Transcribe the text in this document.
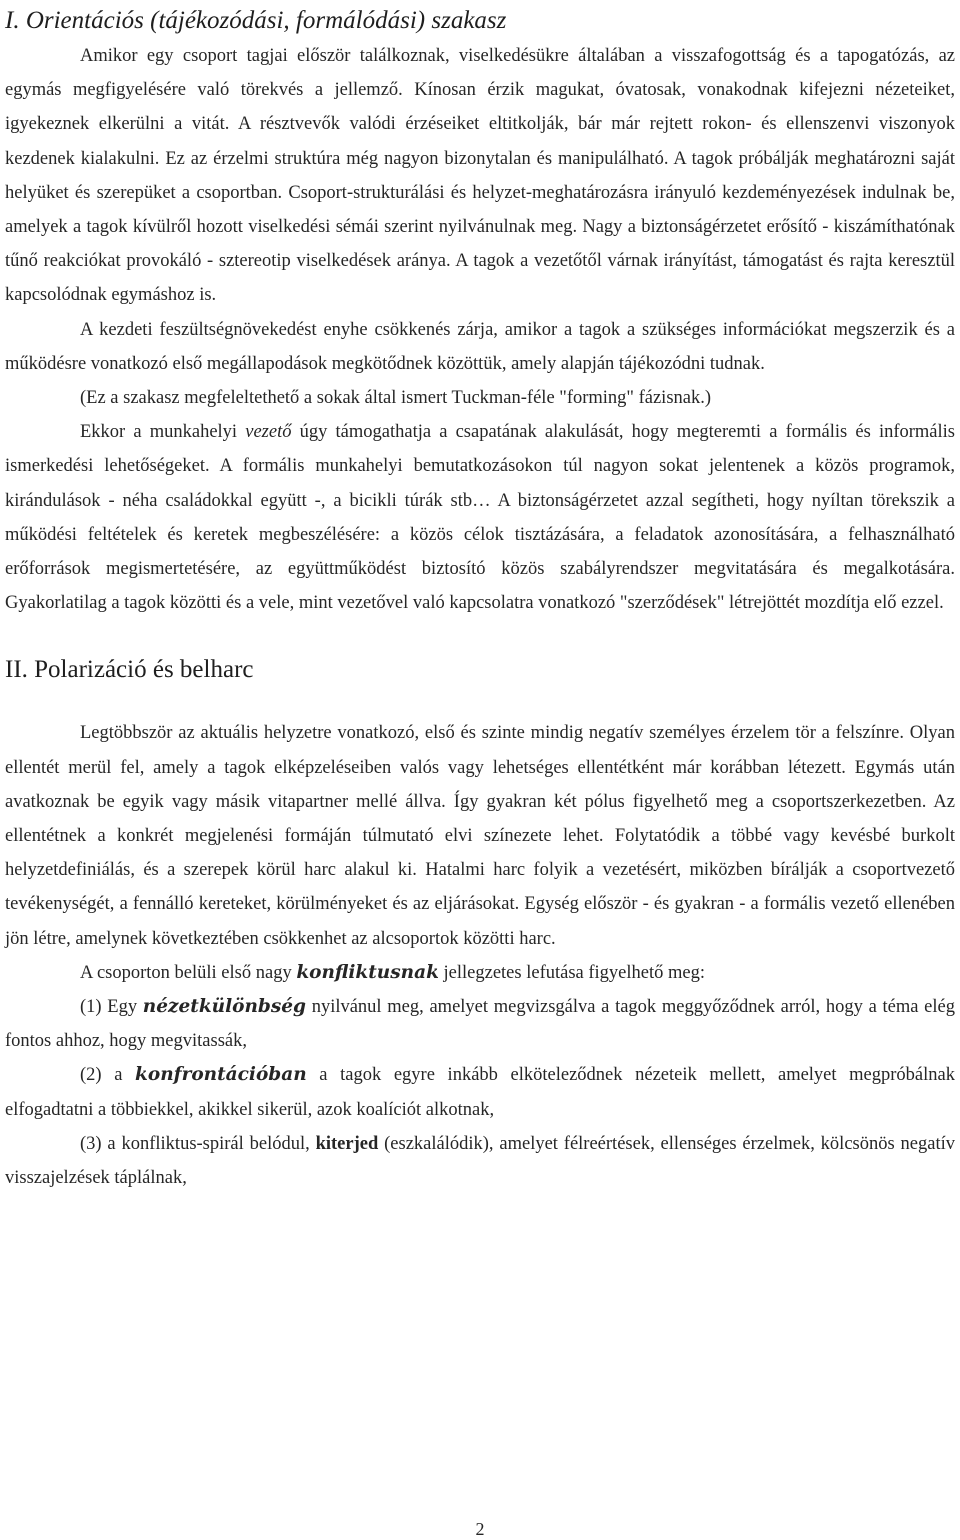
I. Orientációs (tájékozódási, formálódási) szakasz

Amikor egy csoport tagjai először találkoznak, viselkedésükre általában a visszafogottság és a tapogatózás, az egymás megfigyelésére való törekvés a jellemző. Kínosan érzik magukat, óvatosak, vonakodnak kifejezni nézeteiket, igyekeznek elkerülni a vitát. A résztvevők valódi érzéseiket eltitkolják, bár már rejtett rokon- és ellenszenvi viszonyok kezdenek kialakulni. Ez az érzelmi struktúra még nagyon bizonytalan és manipulálható. A tagok próbálják meghatározni saját helyüket és szerepüket a csoportban. Csoport-strukturálási és helyzet-meghatározásra irányuló kezdeményezések indulnak be, amelyek a tagok kívülről hozott viselkedési sémái szerint nyilvánulnak meg. Nagy a biztonságérzetet erősítő - kiszámíthatónak tűnő reakciókat provokáló - sztereotip viselkedések aránya. A tagok a vezetőtől várnak irányítást, támogatást és rajta keresztül kapcsolódnak egymáshoz is.

A kezdeti feszültségnövekedést enyhe csökkenés zárja, amikor a tagok a szükséges információkat megszerzik és a működésre vonatkozó első megállapodások megkötődnek közöttük, amely alapján tájékozódni tudnak.

(Ez a szakasz megfeleltethető a sokak által ismert Tuckman-féle "forming" fázisnak.)

Ekkor a munkahelyi vezető úgy támogathatja a csapatának alakulását, hogy megteremti a formális és informális ismerkedési lehetőségeket. A formális munkahelyi bemutatkozásokon túl nagyon sokat jelentenek a közös programok, kirándulások - néha családokkal együtt -, a bicikli túrák stb… A biztonságérzetet azzal segítheti, hogy nyíltan törekszik a működési feltételek és keretek megbeszélésére: a közös célok tisztázására, a feladatok azonosítására, a felhasználható erőforrások megismertetésére, az együttműködést biztosító közös szabályrendszer megvitatására és megalkotására. Gyakorlatilag a tagok közötti és a vele, mint vezetővel való kapcsolatra vonatkozó "szerződések" létrejöttét mozdítja elő ezzel.

II. Polarizáció és belharc

Legtöbbször az aktuális helyzetre vonatkozó, első és szinte mindig negatív személyes érzelem tör a felszínre. Olyan ellentét merül fel, amely a tagok elképzeléseiben valós vagy lehetséges ellentétként már korábban létezett. Egymás után avatkoznak be egyik vagy másik vitapartner mellé állva. Így gyakran két pólus figyelhető meg a csoportszerkezetben. Az ellentétnek a konkrét megjelenési formáján túlmutató elvi színezete lehet. Folytatódik a többé vagy kevésbé burkolt helyzetdefiniálás, és a szerepek körül harc alakul ki. Hatalmi harc folyik a vezetésért, miközben bírálják a csoportvezető tevékenységét, a fennálló kereteket, körülményeket és az eljárásokat. Egység először - és gyakran - a formális vezető ellenében jön létre, amelynek következtében csökkenhet az alcsoportok közötti harc.

A csoporton belüli első nagy konfliktusnak jellegzetes lefutása figyelhető meg:

(1) Egy nézetkülönbség nyilvánul meg, amelyet megvizsgálva a tagok meggyőződnek arról, hogy a téma elég fontos ahhoz, hogy megvitassák,

(2) a konfrontációban a tagok egyre inkább elköteleződnek nézeteik mellett, amelyet megpróbálnak elfogadtatni a többiekkel, akikkel sikerül, azok koalíciót alkotnak,

(3) a konfliktus-spirál belódul, kiterjed (eszkalálódik), amelyet félreértések, ellenséges érzelmek, kölcsönös negatív visszajelzések táplálnak,

2
